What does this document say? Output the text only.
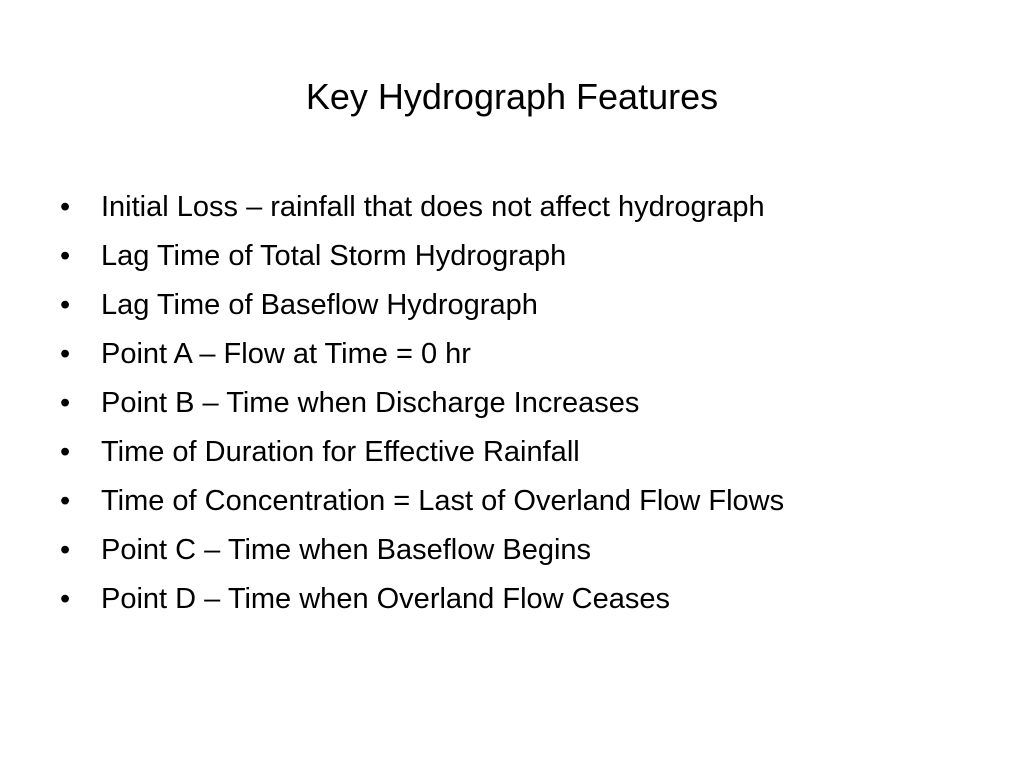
Key Hydrograph Features
•	Initial Loss – rainfall that does not affect hydrograph
•	Lag Time of Total Storm Hydrograph
•	Lag Time of Baseflow Hydrograph
•	Point A – Flow at Time = 0 hr
•	Point B – Time when Discharge Increases
•	Time of Duration for Effective Rainfall
•	Time of Concentration = Last of Overland Flow Flows
•	Point C – Time when Baseflow Begins
•	Point D – Time when Overland Flow Ceases
